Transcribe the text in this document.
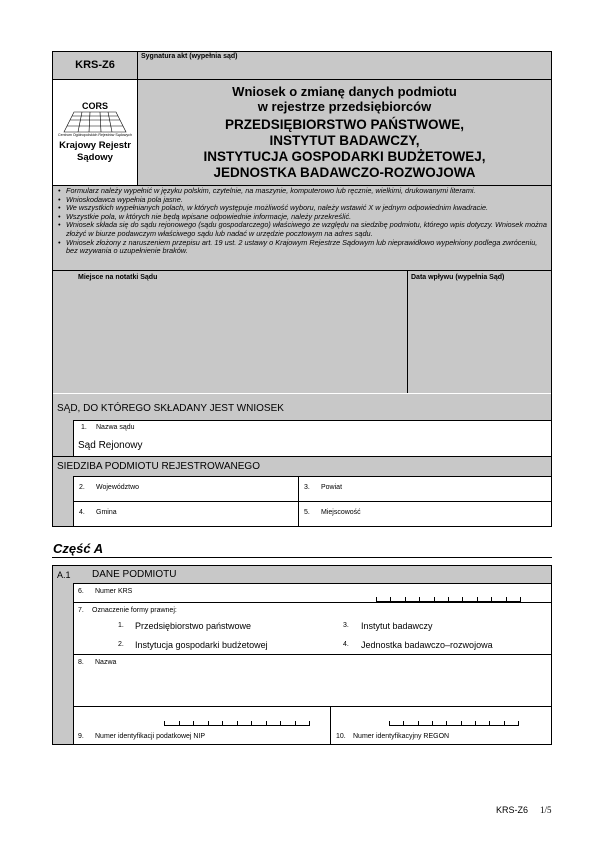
KRS-Z6
Sygnatura akt (wypełnia sąd)
CORS
Centrum Ogólnopolskich Rejestrów Sądowych
Krajowy Rejestr Sądowy
Wniosek o zmianę danych podmiotu
w rejestrze przedsiębiorców
PRZEDSIĘBIORSTWO PAŃSTWOWE,
INSTYTUT BADAWCZY,
INSTYTUCJA GOSPODARKI BUDŻETOWEJ,
JEDNOSTKA BADAWCZO-ROZWOJOWA
• Formularz należy wypełnić w języku polskim, czytelnie, na maszynie, komputerowo lub ręcznie, wielkimi, drukowanymi literami.
• Wnioskodawca wypełnia pola jasne.
• We wszystkich wypełnianych polach, w których występuje możliwość wyboru, należy wstawić X w jednym odpowiednim kwadracie.
• Wszystkie pola, w których nie będą wpisane odpowiednie informacje, należy przekreślić.
• Wniosek składa się do sądu rejonowego (sądu gospodarczego) właściwego ze względu na siedzibę podmiotu, którego wpis dotyczy. Wniosek można złożyć w biurze podawczym właściwego sądu lub nadać w urzędzie pocztowym na adres sądu.
• Wniosek złożony z naruszeniem przepisu art. 19 ust. 2 ustawy o Krajowym Rejestrze Sądowym lub nieprawidłowo wypełniony podlega zwróceniu, bez wzywania o uzupełnienie braków.
Miejsce na notatki Sądu	Data wpływu (wypełnia Sąd)
SĄD, DO KTÓREGO SKŁADANY JEST WNIOSEK
1. Nazwa sądu
Sąd Rejonowy
SIEDZIBA PODMIOTU REJESTROWANEGO
2. Województwo	3. Powiat
4. Gmina	5. Miejscowość
Część A
A.1 DANE PODMIOTU
6. Numer KRS
7. Oznaczenie formy prawnej:
1. Przedsiębiorstwo państwowe	3. Instytut badawczy
2. Instytucja gospodarki budżetowej	4. Jednostka badawczo–rozwojowa
8. Nazwa
9. Numer identyfikacji podatkowej NIP	10. Numer identyfikacyjny REGON
KRS-Z6 1/5
